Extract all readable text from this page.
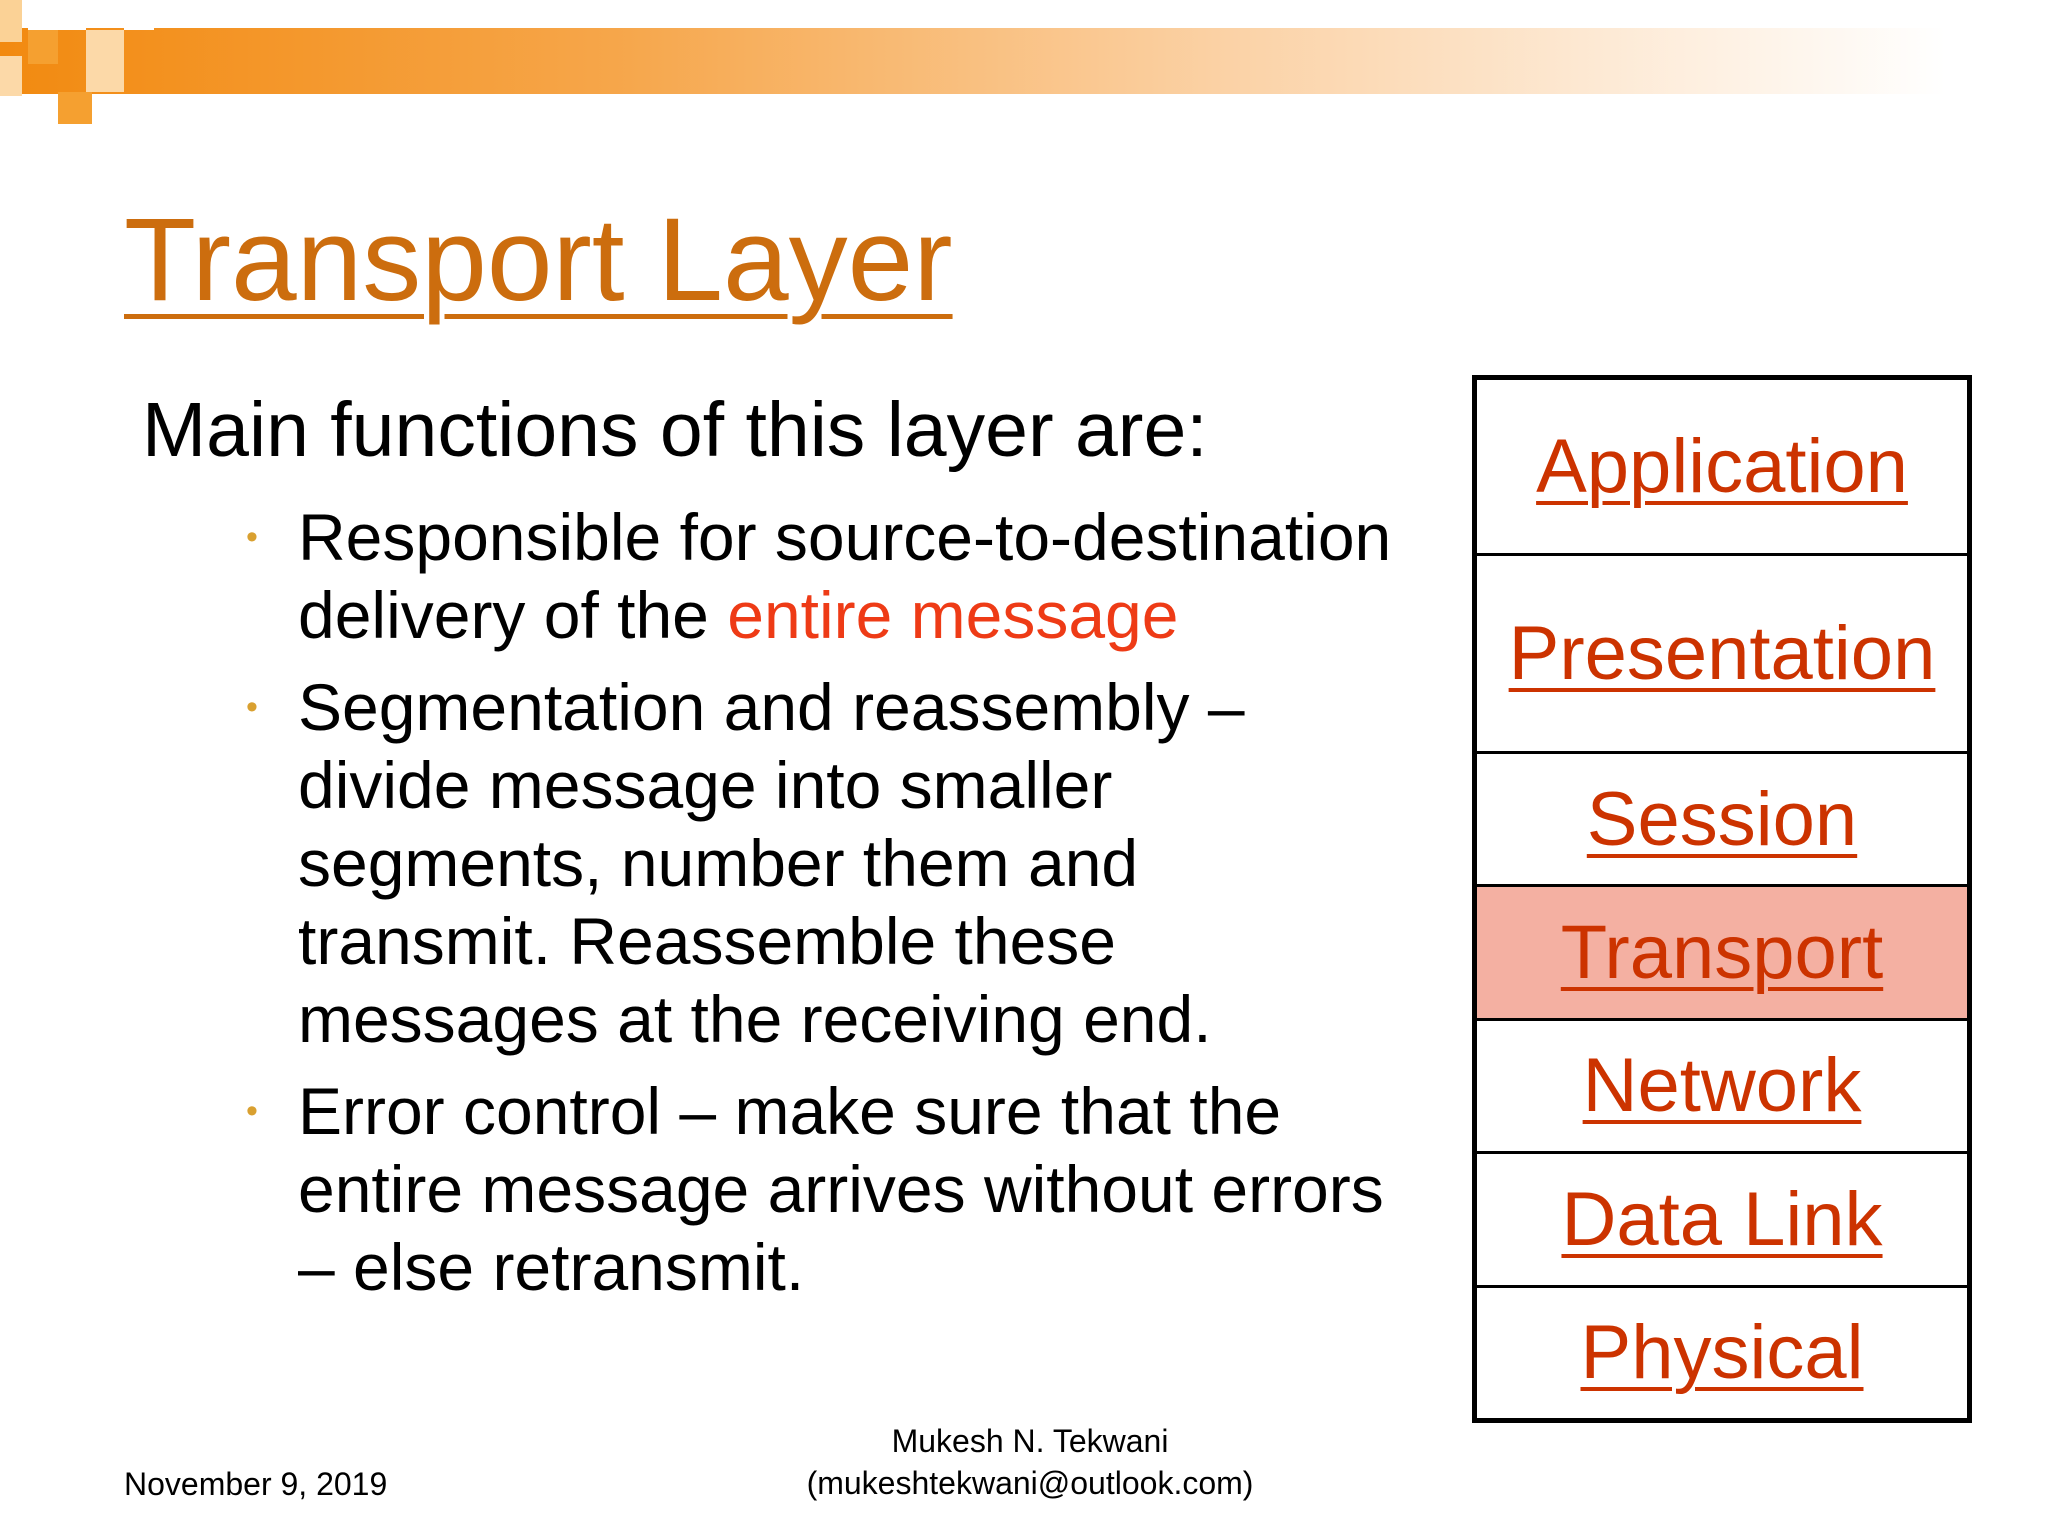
Transport Layer
Main functions of this layer are:
• Responsible for source-to-destination delivery of the entire message
• Segmentation and reassembly – divide message into smaller segments, number them and transmit. Reassemble these messages at the receiving end.
• Error control – make sure that the entire message arrives without errors – else retransmit.
Application
Presentation
Session
Transport
Network
Data Link
Physical
November 9, 2019
Mukesh N. Tekwani
(mukeshtekwani@outlook.com)
